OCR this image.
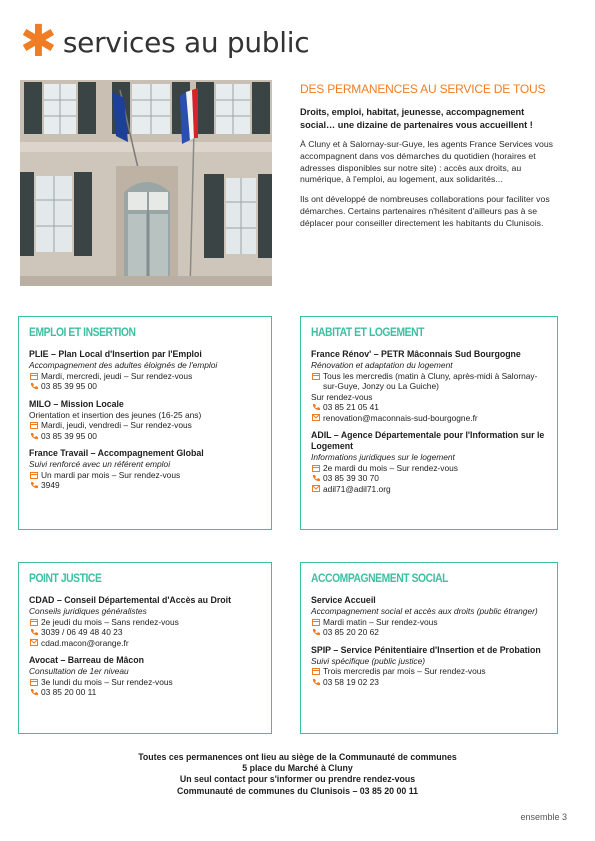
✱ services au public
DES PERMANENCES AU SERVICE DE TOUS

Droits, emploi, habitat, jeunesse, accompagnement social… une dizaine de partenaires vous accueillent !

À Cluny et à Salornay-sur-Guye, les agents France Services vous accompagnent dans vos démarches du quotidien (horaires et adresses disponibles sur notre site) : accès aux droits, au numérique, à l'emploi, au logement, aux solidarités...

Ils ont développé de nombreuses collaborations pour faciliter vos démarches. Certains partenaires n'hésitent d'ailleurs pas à se déplacer pour conseiller directement les habitants du Clunisois.

EMPLOI ET INSERTION
PLIE – Plan Local d'Insertion par l'Emploi
Accompagnement des adultes éloignés de l'emploi
Mardi, mercredi, jeudi – Sur rendez-vous
03 85 39 95 00
MILO – Mission Locale
Orientation et insertion des jeunes (16-25 ans)
Mardi, jeudi, vendredi – Sur rendez-vous
03 85 39 95 00
France Travail – Accompagnement Global
Suivi renforcé avec un référent emploi
Un mardi par mois – Sur rendez-vous
3949
HABITAT ET LOGEMENT
France Rénov' – PETR Mâconnais Sud Bourgogne
Rénovation et adaptation du logement
Tous les mercredis (matin à Cluny, après-midi à Salornay-sur-Guye, Jonzy ou La Guiche)
Sur rendez-vous
03 85 21 05 41
renovation@maconnais-sud-bourgogne.fr
ADIL – Agence Départementale pour l'Information sur le Logement
Informations juridiques sur le logement
2e mardi du mois – Sur rendez-vous
03 85 39 30 70
adil71@adil71.org
POINT JUSTICE
CDAD – Conseil Départemental d'Accès au Droit
Conseils juridiques généralistes
2e jeudi du mois – Sans rendez-vous
3039 / 06 49 48 40 23
cdad.macon@orange.fr
Avocat – Barreau de Mâcon
Consultation de 1er niveau
3e lundi du mois – Sur rendez-vous
03 85 20 00 11
ACCOMPAGNEMENT SOCIAL
Service Accueil
Accompagnement social et accès aux droits (public étranger)
Mardi matin – Sur rendez-vous
03 85 20 20 62
SPIP – Service Pénitentiaire d'Insertion et de Probation
Suivi spécifique (public justice)
Trois mercredis par mois – Sur rendez-vous
03 58 19 02 23
Toutes ces permanences ont lieu au siège de la Communauté de communes
5 place du Marché à Cluny
Un seul contact pour s'informer ou prendre rendez-vous
Communauté de communes du Clunisois – 03 85 20 00 11
ensemble 3
